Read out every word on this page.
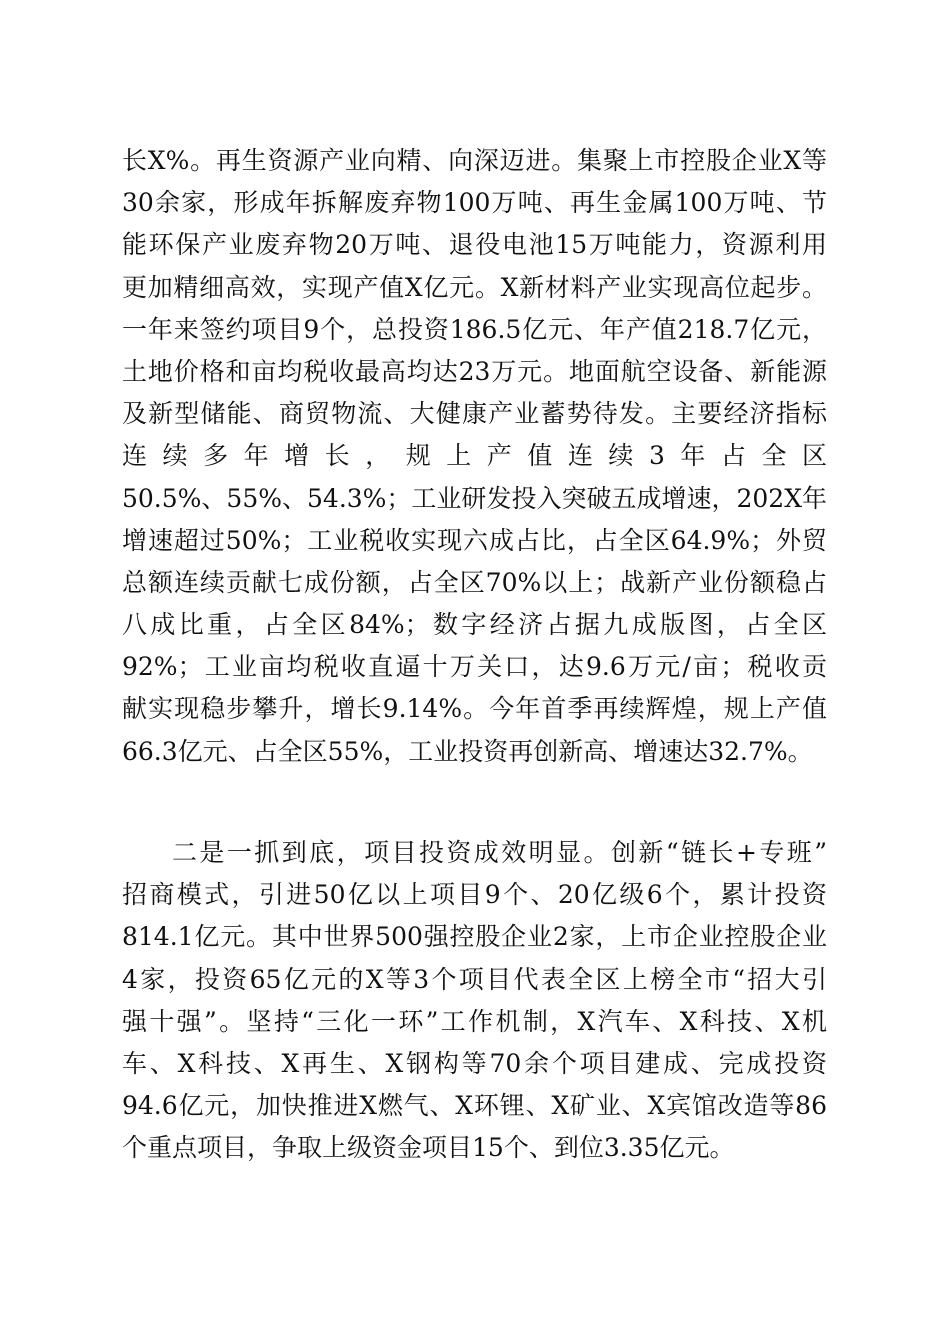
长X%。再生资源产业向精、向深迈进。集聚上市控股企业X等
30余家，形成年拆解废弃物100万吨、再生金属100万吨、节
能环保产业废弃物20万吨、退役电池15万吨能力，资源利用
更加精细高效，实现产值X亿元。X新材料产业实现高位起步。
一年来签约项目9个，总投资186.5亿元、年产值218.7亿元，
土地价格和亩均税收最高均达23万元。地面航空设备、新能源
及新型储能、商贸物流、大健康产业蓄势待发。主要经济指标
连续多年增长，规上产值连续3年占全区
50.5%、55%、54.3%；工业研发投入突破五成增速，202X年
增速超过50%；工业税收实现六成占比，占全区64.9%；外贸
总额连续贡献七成份额，占全区70%以上；战新产业份额稳占
八成比重，占全区84%；数字经济占据九成版图，占全区
92%；工业亩均税收直逼十万关口，达9.6万元/亩；税收贡
献实现稳步攀升，增长9.14%。今年首季再续辉煌，规上产值
66.3亿元、占全区55%，工业投资再创新高、增速达32.7%。
二是一抓到底，项目投资成效明显。创新“链长+专班”
招商模式，引进50亿以上项目9个、20亿级6个，累计投资
814.1亿元。其中世界500强控股企业2家，上市企业控股企业
4家，投资65亿元的X等3个项目代表全区上榜全市“招大引
强十强”。坚持“三化一环”工作机制，X汽车、X科技、X机
车、X科技、X再生、X钢构等70余个项目建成、完成投资
94.6亿元，加快推进X燃气、X环锂、X矿业、X宾馆改造等86
个重点项目，争取上级资金项目15个、到位3.35亿元。
